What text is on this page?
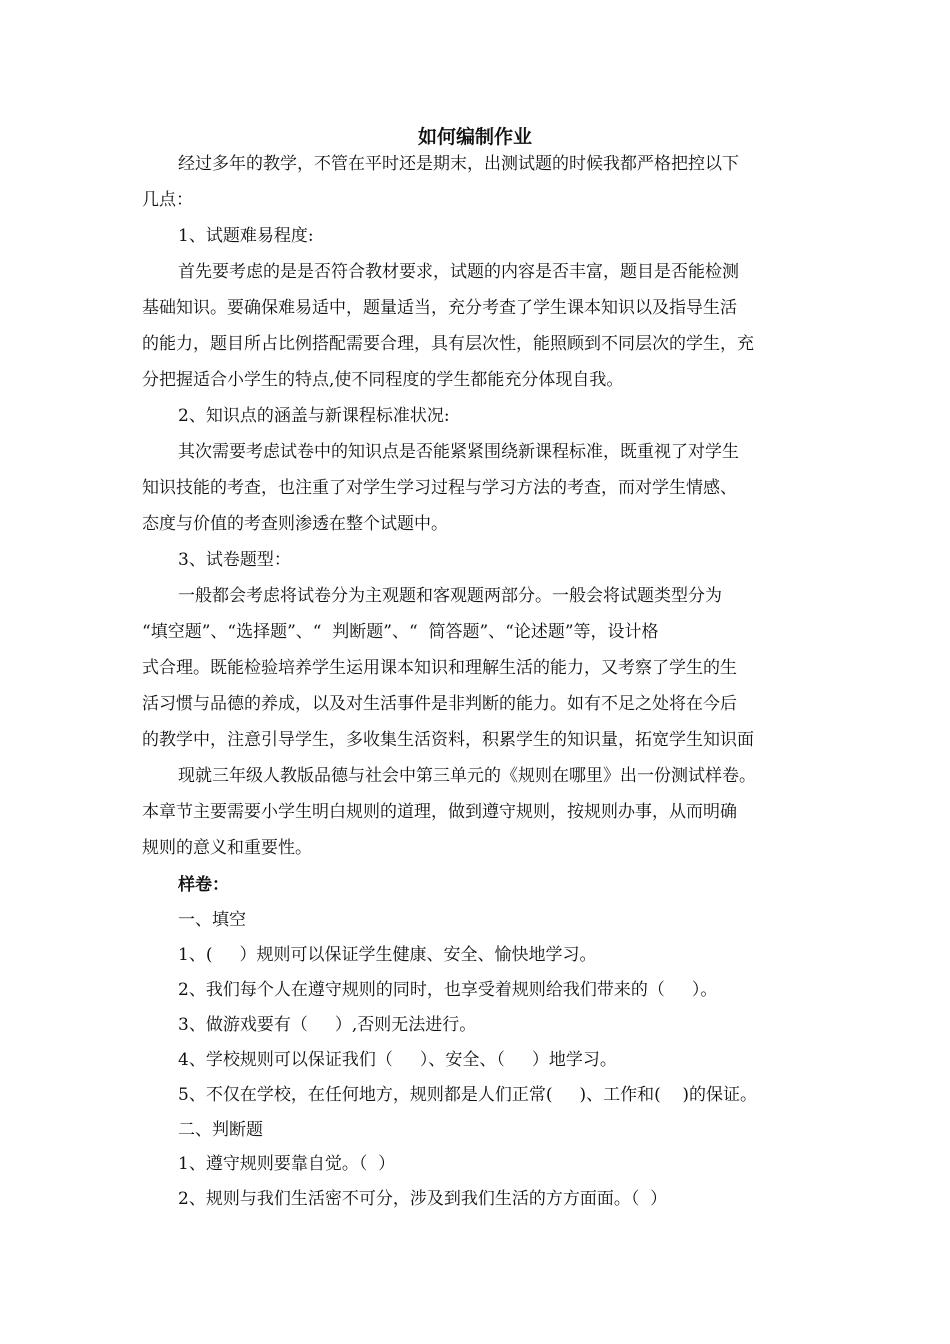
如何编制作业
经过多年的教学，不管在平时还是期末，出测试题的时候我都严格把控以下
几点：
1、试题难易程度:
首先要考虑的是是否符合教材要求，试题的内容是否丰富，题目是否能检测
基础知识。要确保难易适中，题量适当，充分考查了学生课本知识以及指导生活
的能力，题目所占比例搭配需要合理，具有层次性，能照顾到不同层次的学生，充
分把握适合小学生的特点,使不同程度的学生都能充分体现自我。
2、知识点的涵盖与新课程标准状况:
其次需要考虑试卷中的知识点是否能紧紧围绕新课程标准，既重视了对学生
知识技能的考查，也注重了对学生学习过程与学习方法的考查，而对学生情感、
态度与价值的考查则渗透在整个试题中。
3、试卷题型：
一般都会考虑将试卷分为主观题和客观题两部分。一般会将试题类型分为
“填空题”、“选择题”、“  判断题”、“  简答题”、“论述题”等，设计格
式合理。既能检验培养学生运用课本知识和理解生活的能力，又考察了学生的生
活习惯与品德的养成，以及对生活事件是非判断的能力。如有不足之处将在今后
的教学中，注意引导学生，多收集生活资料，积累学生的知识量，拓宽学生知识面
现就三年级人教版品德与社会中第三单元的《规则在哪里》出一份测试样卷。
本章节主要需要小学生明白规则的道理，做到遵守规则，按规则办事，从而明确
规则的意义和重要性。
样卷：
一、填空
1、(     ）规则可以保证学生健康、安全、愉快地学习。
2、我们每个人在遵守规则的同时，也享受着规则给我们带来的（     ）。
3、做游戏要有（     ）,否则无法进行。
4、学校规则可以保证我们（     ）、安全、（     ）地学习。
5、不仅在学校，在任何地方，规则都是人们正常(     )、工作和(    )的保证。
二、判断题
1、遵守规则要靠自觉。（  ）
2、规则与我们生活密不可分，涉及到我们生活的方方面面。（  ）
